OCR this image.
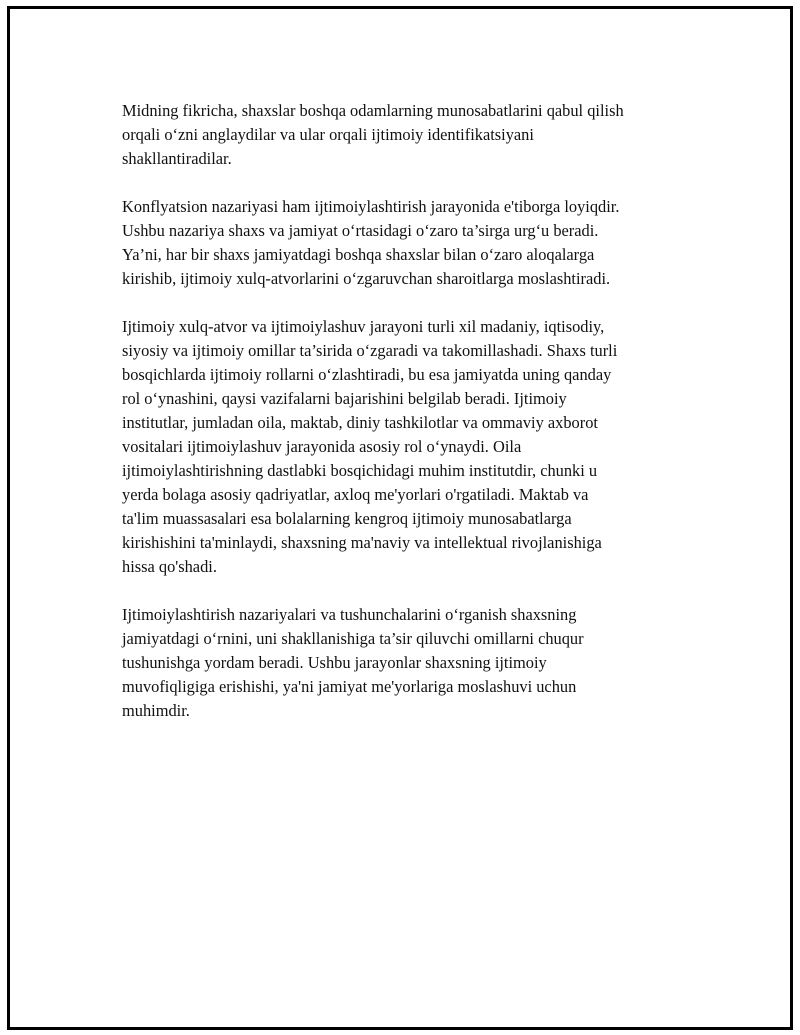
Midning fikricha, shaxslar boshqa odamlarning munosabatlarini qabul qilish
orqali o‘zni anglaydilar va ular orqali ijtimoiy identifikatsiyani
shakllantiradilar.

Konflyatsion nazariyasi ham ijtimoiylashtirish jarayonida e'tiborga loyiqdir.
Ushbu nazariya shaxs va jamiyat o‘rtasidagi o‘zaro ta’sirga urg‘u beradi.
Ya’ni, har bir shaxs jamiyatdagi boshqa shaxslar bilan o‘zaro aloqalarga
kirishib, ijtimoiy xulq-atvorlarini o‘zgaruvchan sharoitlarga moslashtiradi.

Ijtimoiy xulq-atvor va ijtimoiylashuv jarayoni turli xil madaniy, iqtisodiy,
siyosiy va ijtimoiy omillar ta’sirida o‘zgaradi va takomillashadi. Shaxs turli
bosqichlarda ijtimoiy rollarni o‘zlashtiradi, bu esa jamiyatda uning qanday
rol o‘ynashini, qaysi vazifalarni bajarishini belgilab beradi. Ijtimoiy
institutlar, jumladan oila, maktab, diniy tashkilotlar va ommaviy axborot
vositalari ijtimoiylashuv jarayonida asosiy rol o‘ynaydi. Oila
ijtimoiylashtirishning dastlabki bosqichidagi muhim institutdir, chunki u
yerda bolaga asosiy qadriyatlar, axloq me'yorlari o'rgatiladi. Maktab va
ta'lim muassasalari esa bolalarning kengroq ijtimoiy munosabatlarga
kirishishini ta'minlaydi, shaxsning ma'naviy va intellektual rivojlanishiga
hissa qo'shadi.

Ijtimoiylashtirish nazariyalari va tushunchalarini o‘rganish shaxsning
jamiyatdagi o‘rnini, uni shakllanishiga ta’sir qiluvchi omillarni chuqur
tushunishga yordam beradi. Ushbu jarayonlar shaxsning ijtimoiy
muvofiqligiga erishishi, ya'ni jamiyat me'yorlariga moslashuvi uchun
muhimdir.
